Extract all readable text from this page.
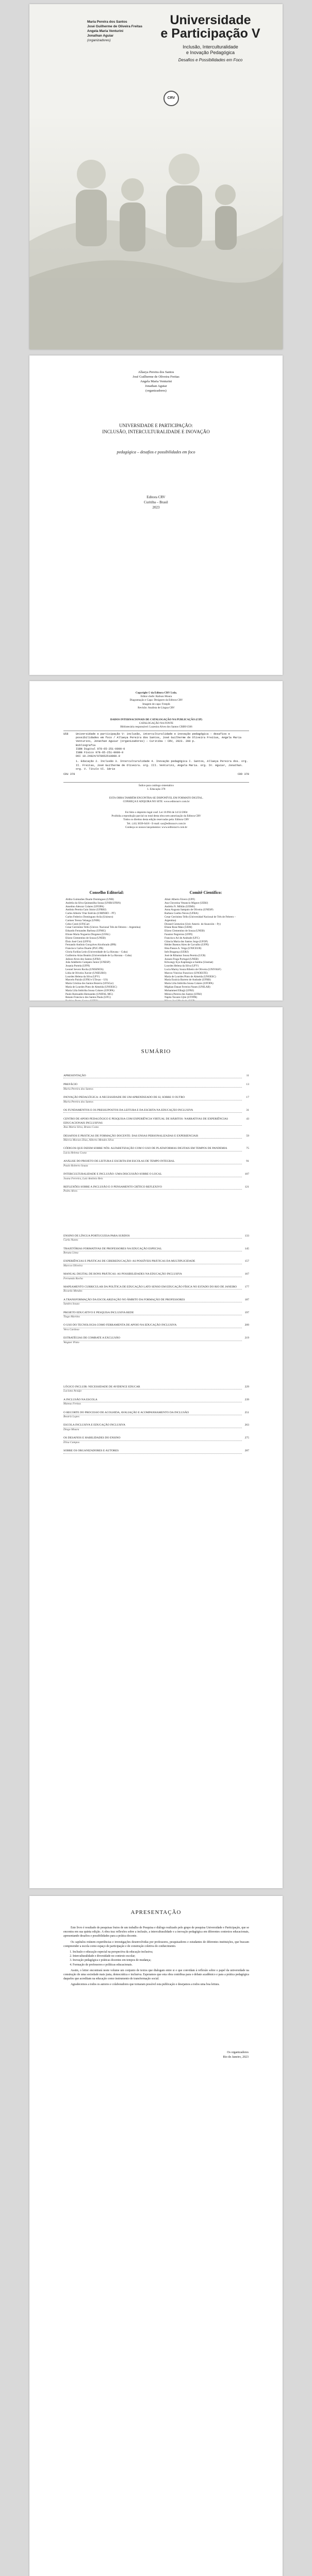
Maria Pereira dos Santos
José Guilherme de Oliveira Freitas
Angela Maria Venturini
Jonathan Aguiar
(organizadores)
Universidade
e Participação V
Inclusão, Interculturalidade
e Inovação Pedagógica
Desafios e Possibilidades em Foco
CRV
Allaeya Pereira dos Santos
José Guilherme de Oliveira Freitas
Angela Maria Venturini
Jonathan Aguiar
(organizadores)
UNIVERSIDADE E PARTICIPAÇÃO:
INCLUSÃO, INTERCULTURALIDADE E INOVAÇÃO
pedagógica – desafios e possibilidades em foco
Editora CRV
Curitiba – Brasil
2023
Copyright © da Editora CRV Ltda.
Editor-chefe: Railson Moura
Diagramação e Capa: Designers da Editora CRV
Imagem de capa: Freepik
Revisão: Analista de Língua CRV
DADOS INTERNACIONAIS DE CATALOGAÇÃO NA PUBLICAÇÃO (CIP)
CATALOGAÇÃO NA FONTE
Bibliotecária responsável: Luzenira Alves dos Santos CRB9/1506
U58	Universidade e participação V: inclusão, interculturalidade e inovação pedagógica – desafios e possibilidades em foco / Allaeya Pereira dos Santos, José Guilherme de Oliveira Freitas, Angela Maria Venturini, Jonathan Aguiar (organizadores) – Curitiba : CRV, 2023. 200 p.
Bibliografia
ISBN Digital 978-65-251-0000-0
ISBN Físico 978-65-251-0000-0
DOI 10.24824/978652510000.0
1. Educação 2. Inclusão 3. Interculturalidade 4. Inovação pedagógica I. Santos, Allaeya Pereira dos. org. II. Freitas, José Guilherme de Oliveira. org. III. Venturini, Angela Maria. org. IV. Aguiar, Jonathan. org. V. Título VI. Série
CDU 378	CDD 378
Índice para catálogo sistemático
1. Educação 378
ESTA OBRA TAMBÉM ENCONTRA-SE DISPONÍVEL EM FORMATO DIGITAL.
CONHEÇA E ADQUIRA NO SITE: www.editoracrv.com.br
Foi feito o depósito legal conf. Lei 10.994 de 14/12/2004
Proibida a reprodução parcial ou total desta obra sem autorização da Editora CRV
Todos os direitos desta edição reservados pela: Editora CRV
Tel.: (41) 3039-6418 - E-mail: sac@editoracrv.com.br
Conheça os nossos lançamentos: www.editoracrv.com.br
Conselho Editorial:
Aldira Guimarães Duarte Domínguez (UNB)
Andréia da Silva Quintanilha Sousa (UNIR/UFRN)
Anselmo Alencar Colares (UFOPA)
Antônio Pereira Gaio Júnior (UFRRJ)
Carlos Alberto Vilar Estêvão (UMINHO – PT)
Carlos Federico Dominguez Avila (Unieuro)
Carmen Tereza Velanga (UNIR)
Celso Conti (UFSCar)
Cesar Gerónimo Tello (Univer. Nacional Três de Febrero – Argentina)
Eduardo Fernandes Barbosa (UFMG)
Elione Maria Nogueira Diogenes (UFAL)
Elizeu Clementino de Souza (UNEB)
Élsio José Corá (UFFS)
Fernando Antônio Gonçalves Alcoforado (IPB)
Francisco Carlos Duarte (PUC-PR)
Gloria Fariñas León (Universidade de La Havana – Cuba)
Guillermo Arias Beatón (Universidade de La Havana – Cuba)
Jailson Alves dos Santos (UFRJ)
João Adalberto Campato Junior (UNESP)
Josania Portela (UFPI)
Leonel Severo Rocha (UNISINOS)
Lídia de Oliveira Xavier (UNIEURO)
Lourdes Helena da Silva (UFV)
Marcelo Paixão (UFRJ e UTexas – US)
Maria Cristina dos Santos Bezerra (UFSCar)
Maria de Lourdes Pinto de Almeida (UNOESC)
Maria Lília Imbiriba Sousa Colares (UFOPA)
Paulo Romualdo Hernandes (UNIFAL-MG)
Renato Francisco dos Santos Paula (UFG)
Comitê Científico:
Altair Alberto Fávero (UPF)
Ana Chrystina Venancio Mignot (UERJ)
Andréia N. Militão (UEMS)
Anna Augusta Sampaio de Oliveira (UNESP)
Barbara Coelho Neves (UFBA)
Cesar Gerónimo Tello (Universidad Nacional de Três de Febrero – Argentina)
Diosnel Centurion (Univ Americ. de Asunción – Py)
Eliane Rose Maio (UEM)
Elizeu Clementino de Souza (UNEB)
Fauston Negreiros (UFPI)
Francisco Ari de Andrade (UFC)
Gláucia Maria dos Santos Jorge (UFOP)
Helder Buenos Aires de Carvalho (UFPI)
Ilma Passos A. Veiga (UNICEUB)
Inês Bragança (UERJ)
José de Ribamar Sousa Pereira (UCB)
Jussara Fraga Portugal (UNEB)
Kilwangy Kya Kapitango-a-Samba (Unemat)
Lourdes Helena da Silva (UFV)
Lucia Marisy Souza Ribeiro de Oliveira (UNIVASF)
Marcos Vinicius Francisco (UNOESTE)
Maria de Lourdes Pinto de Almeida (UNOESC)
Maria Eurácia Barreto de Andrade (UFRB)
Maria Lília Imbiriba Sousa Colares (UFOPA)
Míghian Danae Ferreira Nunes (UNILAB)
Mohammed Elhajji (UFRJ)
Mônica Pereira dos Santos (UFRJ)
Najela Tavares Ujiie (UTFPR)
SUMÁRIO
APRESENTAÇÃO	11
PREFÁCIO
Maria Pereira dos Santos
13
INOVAÇÃO PEDAGÓGICA: A NECESSIDADE DE UM APRENDIZADO DE SI, SOBRE O OUTRO
Maria Pereira dos Santos
17
OS FUNDAMENTOS E OS PRESSUPOSTOS DA LEITURA E DA ESCRITA NA EDUCAÇÃO INCLUSIVA	31
CENTRO DE APOIO PEDAGÓGICO E PESQUISA COM EXPERIÊNCIA VIRTUAL DE HÁBITOS: NARRATIVAS DE EXPERIÊNCIAS EDUCACIONAIS INCLUSIVAS
Ana Maria Silva, Bruno Costa
43
DESAFIOS E PRÁTICAS DE FORMAÇÃO DOCENTE: DAS ENSAS PERSONALIZADAS E EXPERIENCIAIS
Márcia Moraes Dias, Alberto Mendes Silva
59
CÓDIGOS QUE DIZEM SOBRE NÓS: ALFABETIZAÇÃO COM O USO DE PLATAFORMAS DIGITAIS EM TEMPOS DE PANDEMIA
Lúcia Helena Costa
75
ANÁLISE DO PROJETO DE LEITURA E ESCRITA EM ESCOLAS DE TEMPO INTEGRAL
Paulo Roberto Souza
91
INTERCULTURALIDADE E INCLUSÃO: UMA DISCUSSÃO SOBRE O LOCAL
Joana Ferreira, Luiz Antônio Reis
107
REFLEXÕES SOBRE A INCLUSÃO E O PENSAMENTO CRÍTICO REFLEXIVO
Pedro Alves
121
ENSINO DE LÍNGUA PORTUGUESA PARA SURDOS
Carla Nunes
133
TRAJETÓRIAS FORMATIVAS DE PROFESSORES NA EDUCAÇÃO ESPECIAL
Renata Lima
145
EXPERIÊNCIAS E PRÁTICAS DE CIBEREDUCAÇÃO: AS POSSÍVEIS PRÁTICAS DA MULTIPLICIDADE
Marcos Oliveira
157
MANUAL DIGITAL DE BONS PRÁTICAS: AS POSSIBILIDADES NA EDUCAÇÃO INCLUSIVA
Fernanda Rocha
167
MAPEAMENTO CURRICULAR DA POLÍTICA DE EDUCAÇÃO LATO SENSO EM EDUCAÇÃO FÍSICA NO ESTADO DO RIO DE JANEIRO
Ricardo Mendes
177
A TRANSFORMAÇÃO DA ESCOLARIZAÇÃO NO ÂMBITO DA FORMAÇÃO DE PROFESSORES
Sandra Souza
187
PROJETO EDUCATIVO E PESQUISA INCLUSIVA REDE
Tiago Martins
197
O USO DO TECNOLOGIA COMO FERRAMENTA DE APOIO NA EDUCAÇÃO INCLUSIVA
Vera Cardoso
209
ESTRATÉGIAS DE COMBATE A EXCLUSÃO
Wagner Pinto
219
LÓGICO INCLUIR: NECESSIDADE DE AVIDENCE EDUCAR
Luciana Araújo
229
A INCLUSÃO NA ESCOLA
Mateus Freitas
239
O RECORTE DO PROCESSO DE ACOLHIDA, AVALIAÇÃO E ACOMPANHAMENTO DA INCLUSÃO
Beatriz Lopes
251
ESCOLA INCLUSIVA E EDUCAÇÃO INCLUSIVA
Diego Moura
263
OS DESAFIOS E HABILIDADES DO ENSINO
Elisa Campos
275
SOBRE OS ORGANIZADORES E AUTORES	287
APRESENTAÇÃO

Este livro é resultado de pesquisas frutos de um trabalho de Pesquisa e diálogo realizado pelo grupo de pesquisa Universidade e Participação, que se encontra em sua quinta edição. A obra traz reflexões sobre a inclusão, a interculturalidade e a inovação pedagógica em diferentes contextos educacionais, apresentando desafios e possibilidades para a prática docente.

Os capítulos reúnem experiências e investigações desenvolvidas por professores, pesquisadores e estudantes de diferentes instituições, que buscam compreender a escola como espaço de participação e de construção coletiva do conhecimento.

1. Inclusão e educação especial na perspectiva da educação inclusiva;
2. Interculturalidade e diversidade no contexto escolar;
3. Inovação pedagógica e práticas docentes em tempos de mudança;
4. Formação de professores e políticas educacionais.

Assim, o leitor encontrará neste volume um conjunto de textos que dialogam entre si e que convidam à reflexão sobre o papel da universidade na construção de uma sociedade mais justa, democrática e inclusiva. Esperamos que esta obra contribua para o debate acadêmico e para a prática pedagógica daqueles que acreditam na educação como instrumento de transformação social.

Agradecemos a todos os autores e colaboradores que tornaram possível esta publicação e desejamos a todos uma boa leitura.

Os organizadores
Rio de Janeiro, 2023
